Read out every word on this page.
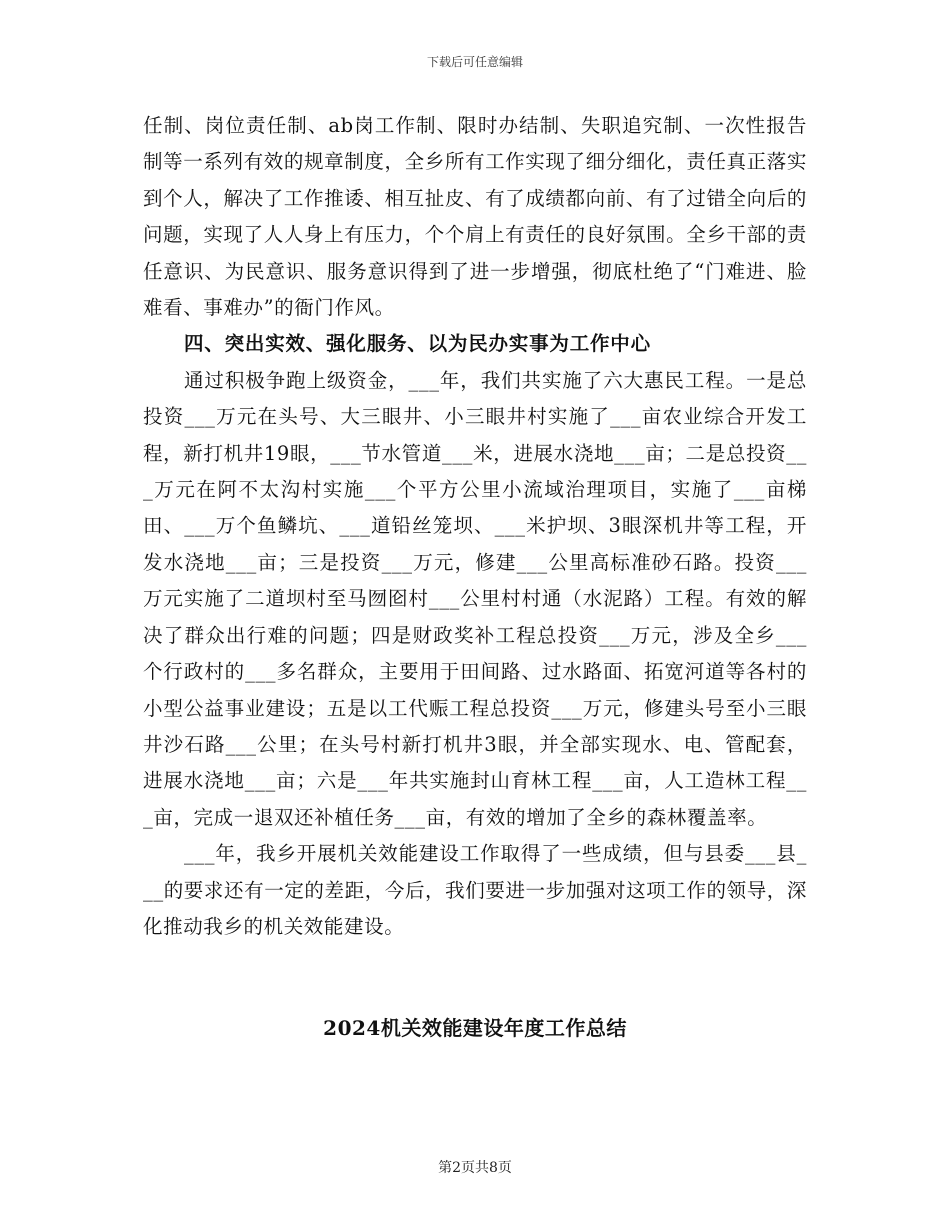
下载后可任意编辑

任制、岗位责任制、ab岗工作制、限时办结制、失职追究制、一次性报告制等一系列有效的规章制度，全乡所有工作实现了细分细化，责任真正落实到个人，解决了工作推诿、相互扯皮、有了成绩都向前、有了过错全向后的问题，实现了人人身上有压力，个个肩上有责任的良好氛围。全乡干部的责任意识、为民意识、服务意识得到了进一步增强，彻底杜绝了“门难进、脸难看、事难办”的衙门作风。

四、突出实效、强化服务、以为民办实事为工作中心

通过积极争跑上级资金，___年，我们共实施了六大惠民工程。一是总投资___万元在头号、大三眼井、小三眼井村实施了___亩农业综合开发工程，新打机井19眼，___节水管道___米，进展水浇地___亩；二是总投资___万元在阿不太沟村实施___个平方公里小流域治理项目，实施了___亩梯田、___万个鱼鳞坑、___道铅丝笼坝、___米护坝、3眼深机井等工程，开发水浇地___亩；三是投资___万元，修建___公里高标准砂石路。投资___万元实施了二道坝村至马囫囵村___公里村村通（水泥路）工程。有效的解决了群众出行难的问题；四是财政奖补工程总投资___万元，涉及全乡___个行政村的___多名群众，主要用于田间路、过水路面、拓宽河道等各村的小型公益事业建设；五是以工代赈工程总投资___万元，修建头号至小三眼井沙石路___公里；在头号村新打机井3眼，并全部实现水、电、管配套，进展水浇地___亩；六是___年共实施封山育林工程___亩，人工造林工程___亩，完成一退双还补植任务___亩，有效的增加了全乡的森林覆盖率。

___年，我乡开展机关效能建设工作取得了一些成绩，但与县委___县___的要求还有一定的差距，今后，我们要进一步加强对这项工作的领导，深化推动我乡的机关效能建设。

2024机关效能建设年度工作总结
第2页共8页
